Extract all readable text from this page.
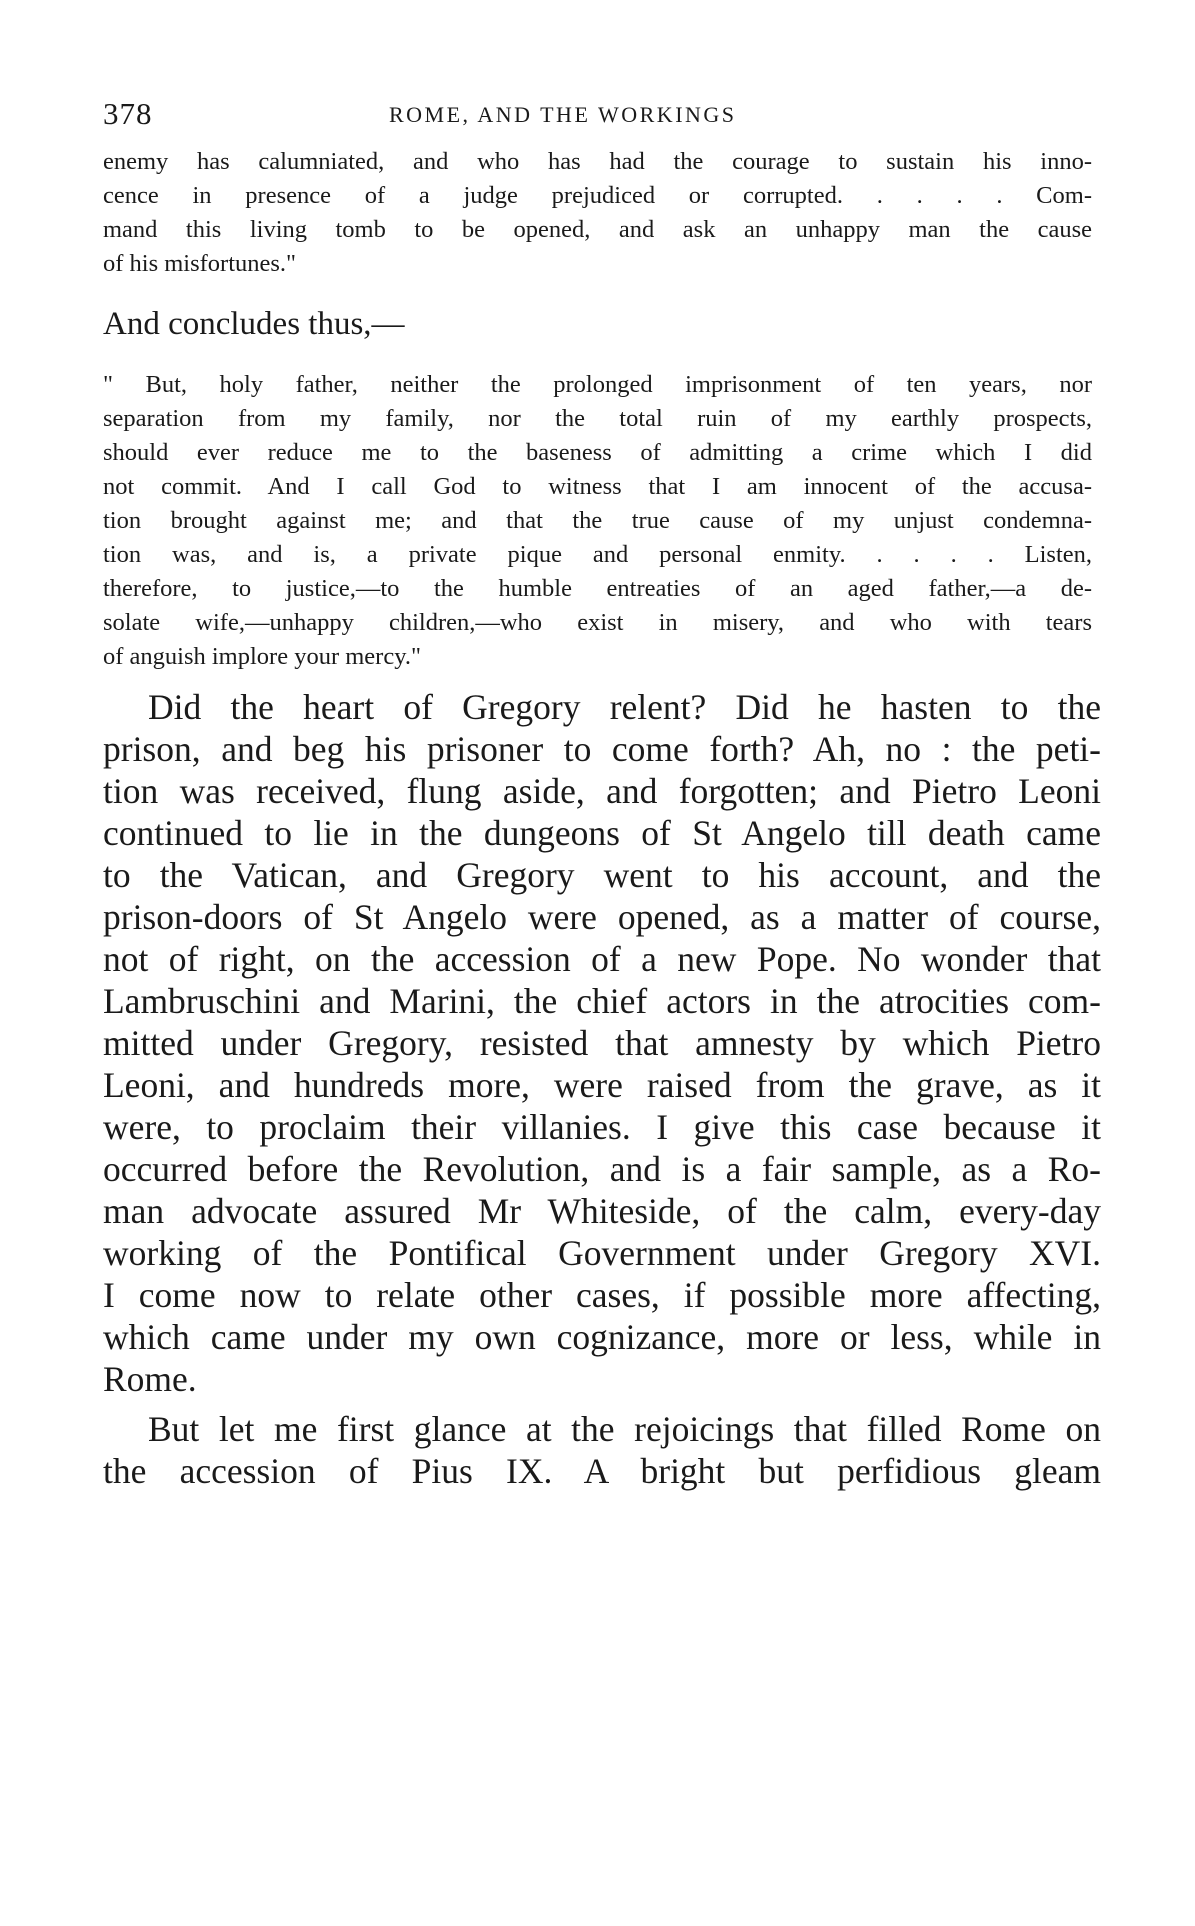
378	ROME, AND THE WORKINGS

enemy has calumniated, and who has had the courage to sustain his inno-

cence in presence of a judge prejudiced or corrupted. . . . . Com-

mand this living tomb to be opened, and ask an unhappy man the cause

of his misfortunes."

And concludes thus,—

" But, holy father, neither the prolonged imprisonment of ten years, nor

separation from my family, nor the total ruin of my earthly prospects,

should ever reduce me to the baseness of admitting a crime which I did

not commit. And I call God to witness that I am innocent of the accusa-

tion brought against me; and that the true cause of my unjust condemna-

tion was, and is, a private pique and personal enmity. . . . . Listen,

therefore, to justice,—to the humble entreaties of an aged father,—a de-

solate wife,—unhappy children,—who exist in misery, and who with tears

of anguish implore your mercy."

Did the heart of Gregory relent? Did he hasten to the

prison, and beg his prisoner to come forth? Ah, no : the peti-

tion was received, flung aside, and forgotten; and Pietro Leoni

continued to lie in the dungeons of St Angelo till death came

to the Vatican, and Gregory went to his account, and the

prison-doors of St Angelo were opened, as a matter of course,

not of right, on the accession of a new Pope. No wonder that

Lambruschini and Marini, the chief actors in the atrocities com-

mitted under Gregory, resisted that amnesty by which Pietro

Leoni, and hundreds more, were raised from the grave, as it

were, to proclaim their villanies. I give this case because it

occurred before the Revolution, and is a fair sample, as a Ro-

man advocate assured Mr Whiteside, of the calm, every-day

working of the Pontifical Government under Gregory XVI.

I come now to relate other cases, if possible more affecting,

which came under my own cognizance, more or less, while in

Rome.

But let me first glance at the rejoicings that filled Rome on

the accession of Pius IX. A bright but perfidious gleam
